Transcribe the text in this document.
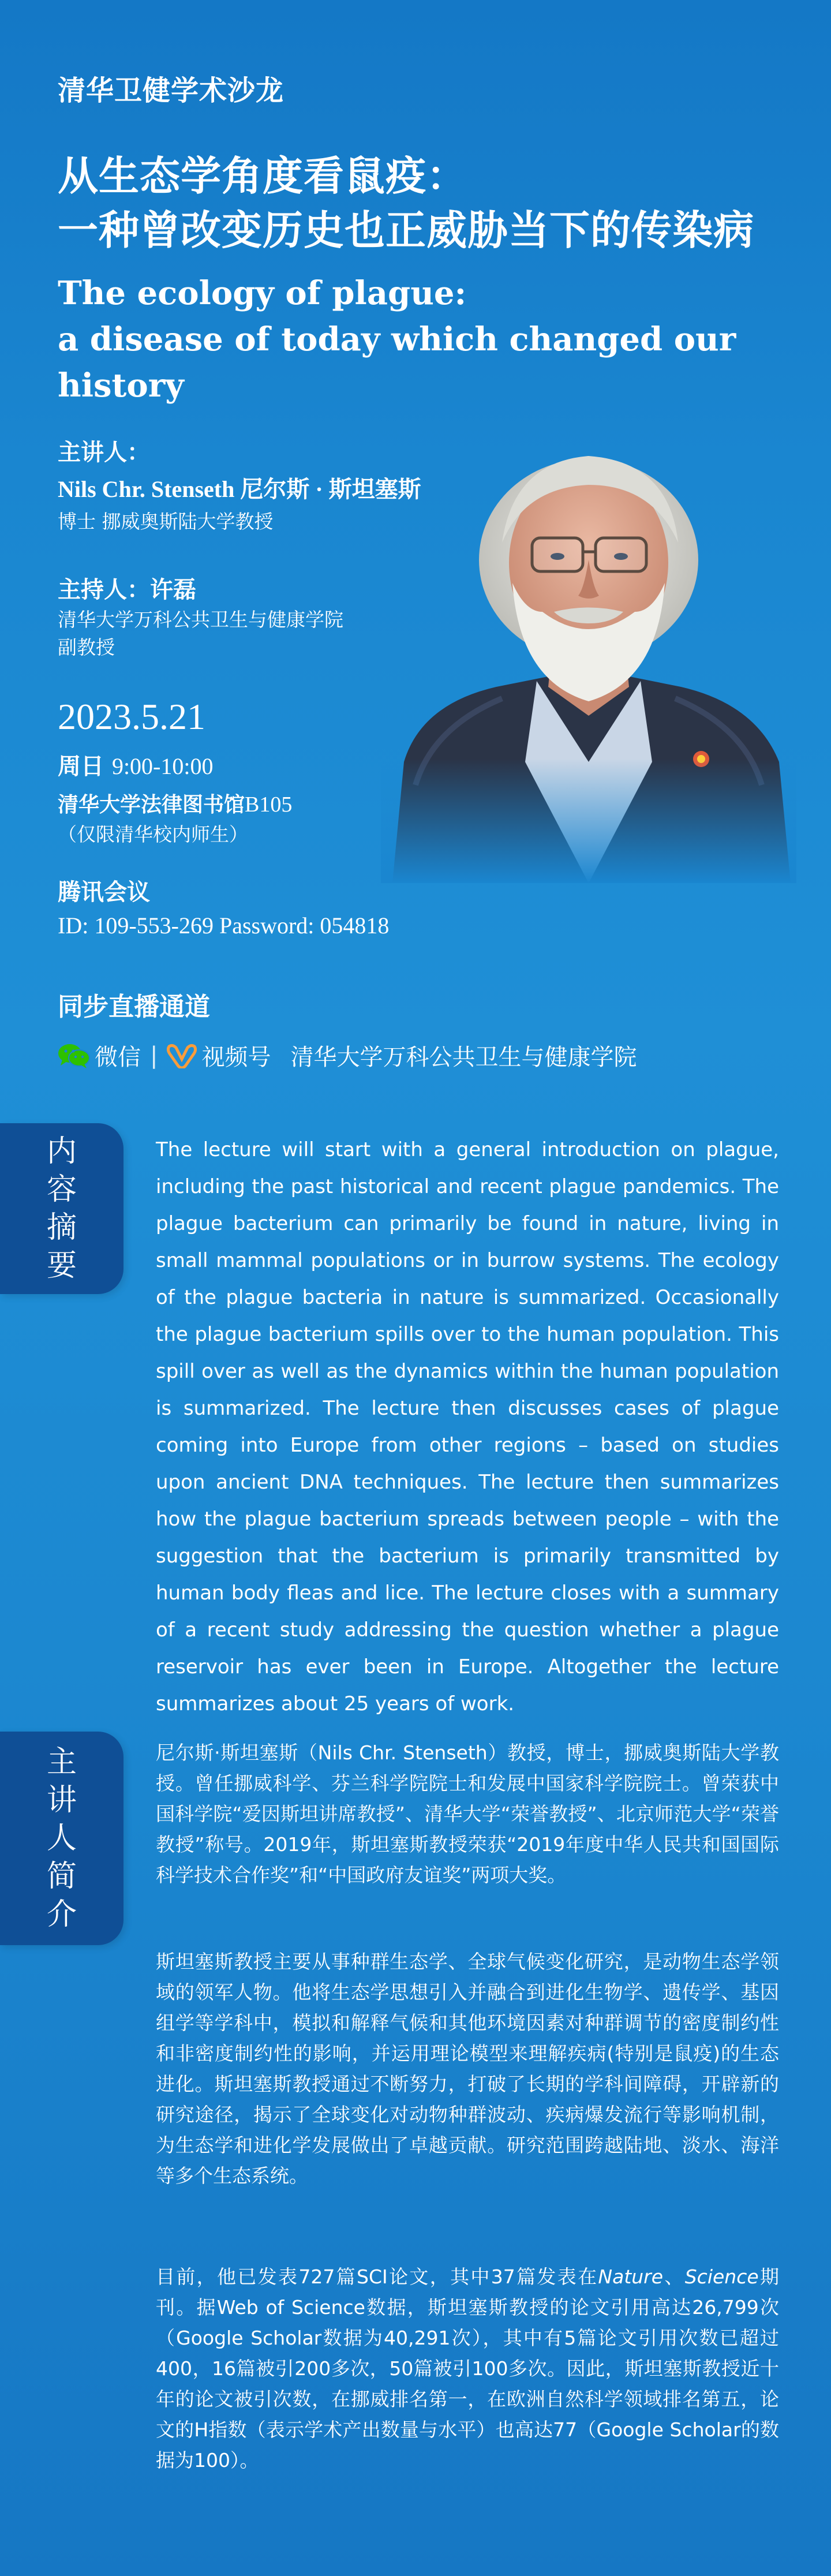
清华卫健学术沙龙
从生态学角度看鼠疫：
一种曾改变历史也正威胁当下的传染病
The ecology of plague:
a disease of today which changed our history
主讲人：
Nils Chr. Stenseth 尼尔斯 · 斯坦塞斯
博士 挪威奥斯陆大学教授
主持人：许磊
清华大学万科公共卫生与健康学院
副教授
2023.5.21
周日 9:00-10:00
清华大学法律图书馆B105
（仅限清华校内师生）
腾讯会议
ID: 109-553-269 Password: 054818
同步直播通道
微信 | 视频号 清华大学万科公共卫生与健康学院
内
容
摘
要
The lecture will start with a general introduction on plague, including the past historical and recent plague pandemics. The plague bacterium can primarily be found in nature, living in small mammal populations or in burrow systems. The ecology of the plague bacteria in nature is summarized. Occasionally the plague bacterium spills over to the human population. This spill over as well as the dynamics within the human population is summarized. The lecture then discusses cases of plague coming into Europe from other regions – based on studies upon ancient DNA techniques. The lecture then summarizes how the plague bacterium spreads between people – with the suggestion that the bacterium is primarily transmitted by human body fleas and lice. The lecture closes with a summary of a recent study addressing the question whether a plague reservoir has ever been in Europe. Altogether the lecture summarizes about 25 years of work.
主
讲
人
简
介
尼尔斯·斯坦塞斯（Nils Chr. Stenseth）教授，博士，挪威奥斯陆大学教授。曾任挪威科学、芬兰科学院院士和发展中国家科学院院士。曾荣获中国科学院“爱因斯坦讲席教授”、清华大学“荣誉教授”、北京师范大学“荣誉教授”称号。2019年，斯坦塞斯教授荣获“2019年度中华人民共和国国际科学技术合作奖”和“中国政府友谊奖”两项大奖。
斯坦塞斯教授主要从事种群生态学、全球气候变化研究，是动物生态学领域的领军人物。他将生态学思想引入并融合到进化生物学、遗传学、基因组学等学科中，模拟和解释气候和其他环境因素对种群调节的密度制约性和非密度制约性的影响，并运用理论模型来理解疾病(特别是鼠疫)的生态进化。斯坦塞斯教授通过不断努力，打破了长期的学科间障碍，开辟新的研究途径，揭示了全球变化对动物种群波动、疾病爆发流行等影响机制，为生态学和进化学发展做出了卓越贡献。研究范围跨越陆地、淡水、海洋等多个生态系统。
目前，他已发表727篇SCI论文，其中37篇发表在Nature、Science期刊。据Web of Science数据，斯坦塞斯教授的论文引用高达26,799次（Google Scholar数据为40,291次），其中有5篇论文引用次数已超过400，16篇被引200多次，50篇被引100多次。因此，斯坦塞斯教授近十年的论文被引次数，在挪威排名第一，在欧洲自然科学领域排名第五，论文的H指数（表示学术产出数量与水平）也高达77（Google Scholar的数据为100）。
